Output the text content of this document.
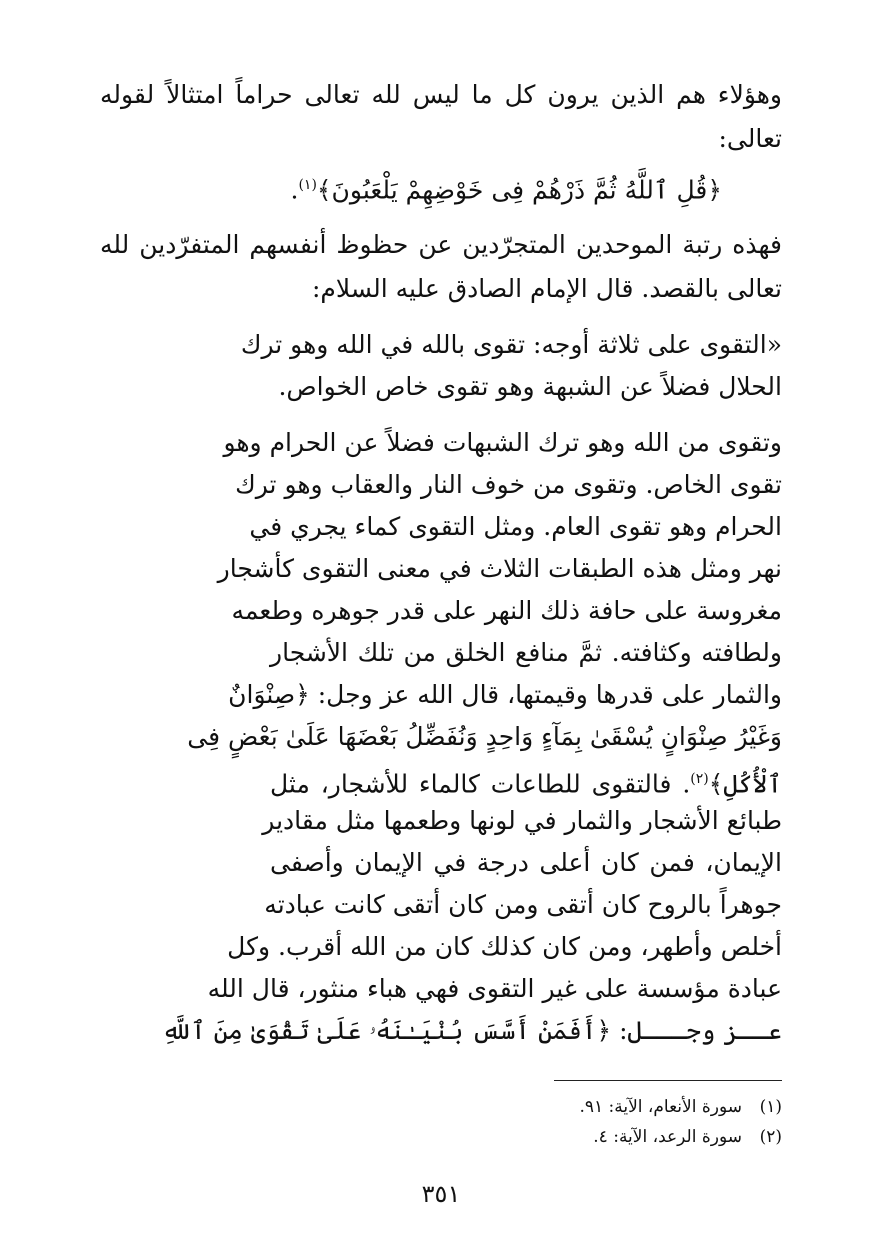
وهؤلاء هم الذين يرون كل ما ليس لله تعالى حراماً امتثالاً لقوله
تعالى:
﴿قُلِ ٱللَّهُ ثُمَّ ذَرْهُمْ فِى خَوْضِهِمْ يَلْعَبُونَ﴾$^{(١)}$.
فهذه رتبة الموحدين المتجرّدين عن حظوظ أنفسهم المتفرّدين لله
تعالى بالقصد. قال الإمام الصادق عليه السلام:
«التقوى على ثلاثة أوجه: تقوى بالله في الله وهو ترك
الحلال فضلاً عن الشبهة وهو تقوى خاص الخواص.
وتقوى من الله وهو ترك الشبهات فضلاً عن الحرام وهو
تقوى الخاص. وتقوى من خوف النار والعقاب وهو ترك
الحرام وهو تقوى العام. ومثل التقوى كماء يجري في
نهر ومثل هذه الطبقات الثلاث في معنى التقوى كأشجار
مغروسة على حافة ذلك النهر على قدر جوهره وطعمه
ولطافته وكثافته. ثمَّ منافع الخلق من تلك الأشجار
والثمار على قدرها وقيمتها، قال الله عز وجل: ﴿صِنْوَانٌ
وَغَيْرُ صِنْوَانٍ يُسْقَىٰ بِمَآءٍ وَاحِدٍ وَنُفَضِّلُ بَعْضَهَا عَلَىٰ بَعْضٍ فِى
ٱلْأُكُلِ﴾$^{(٢)}$. فالتقوى للطاعات كالماء للأشجار، مثل
طبائع الأشجار والثمار في لونها وطعمها مثل مقادير
الإيمان، فمن كان أعلى درجة في الإيمان وأصفى
جوهراً بالروح كان أتقى ومن كان أتقى كانت عبادته
أخلص وأطهر، ومن كان كذلك كان من الله أقرب. وكل
عبادة مؤسسة على غير التقوى فهي هباء منثور، قال الله
عــز وجـــل: ﴿أَفَمَنْ أَسَّسَ بُنْيَـٰنَهُۥ عَلَىٰ تَقْوَىٰ مِنَ ٱللَّهِ
(١)سورة الأنعام، الآية: ٩١.
(٢)سورة الرعد، الآية: ٤.
٣٥١
